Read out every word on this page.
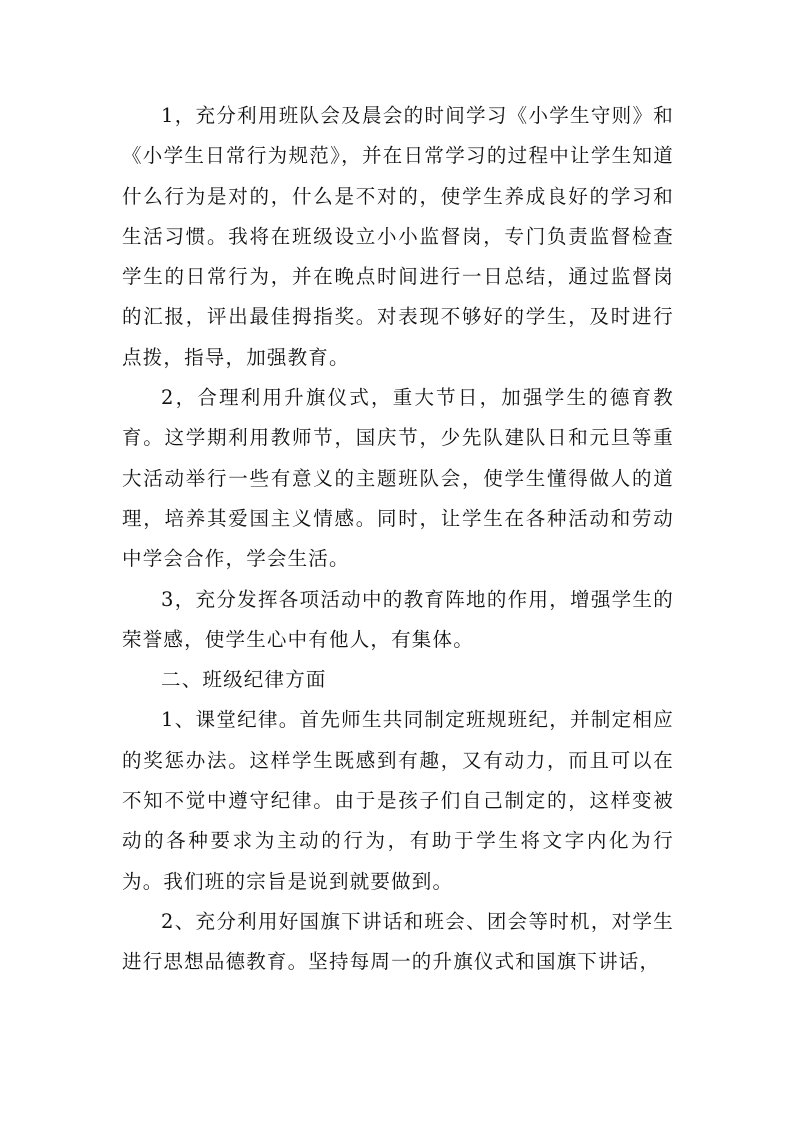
1，充分利用班队会及晨会的时间学习《小学生守则》和《小学生日常行为规范》，并在日常学习的过程中让学生知道什么行为是对的，什么是不对的，使学生养成良好的学习和生活习惯。我将在班级设立小小监督岗，专门负责监督检查学生的日常行为，并在晚点时间进行一日总结，通过监督岗的汇报，评出最佳拇指奖。对表现不够好的学生，及时进行点拨，指导，加强教育。

2，合理利用升旗仪式，重大节日，加强学生的德育教育。这学期利用教师节，国庆节，少先队建队日和元旦等重大活动举行一些有意义的主题班队会，使学生懂得做人的道理，培养其爱国主义情感。同时，让学生在各种活动和劳动中学会合作，学会生活。

3，充分发挥各项活动中的教育阵地的作用，增强学生的荣誉感，使学生心中有他人，有集体。

二、班级纪律方面

1、课堂纪律。首先师生共同制定班规班纪，并制定相应的奖惩办法。这样学生既感到有趣，又有动力，而且可以在不知不觉中遵守纪律。由于是孩子们自己制定的，这样变被动的各种要求为主动的行为，有助于学生将文字内化为行为。我们班的宗旨是说到就要做到。

2、充分利用好国旗下讲话和班会、团会等时机，对学生进行思想品德教育。坚持每周一的升旗仪式和国旗下讲话，
